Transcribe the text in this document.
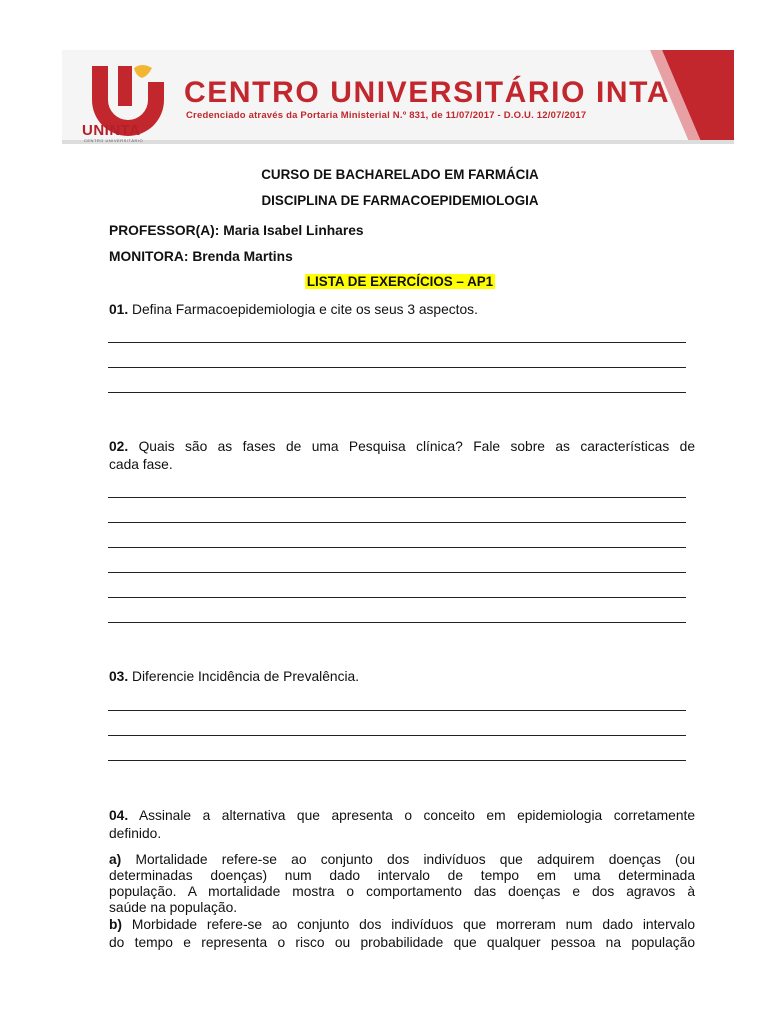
UNINTA
CENTRO UNIVERSITÁRIO
CENTRO UNIVERSITÁRIO INTA
Credenciado através da Portaria Ministerial N.º 831, de 11/07/2017 - D.O.U. 12/07/2017
CURSO DE BACHARELADO EM FARMÁCIA
DISCIPLINA DE FARMACOEPIDEMIOLOGIA
PROFESSOR(A): Maria Isabel Linhares
MONITORA: Brenda Martins
LISTA DE EXERCÍCIOS – AP1
01. Defina Farmacoepidemiologia e cite os seus 3 aspectos.
02. Quais são as fases de uma Pesquisa clínica? Fale sobre as características de
cada fase.
03. Diferencie Incidência de Prevalência.
04. Assinale a alternativa que apresenta o conceito em epidemiologia corretamente
definido.
a) Mortalidade refere-se ao conjunto dos indivíduos que adquirem doenças (ou
determinadas doenças) num dado intervalo de tempo em uma determinada
população. A mortalidade mostra o comportamento das doenças e dos agravos à
saúde na população.
b) Morbidade refere-se ao conjunto dos indivíduos que morreram num dado intervalo
do tempo e representa o risco ou probabilidade que qualquer pessoa na população
